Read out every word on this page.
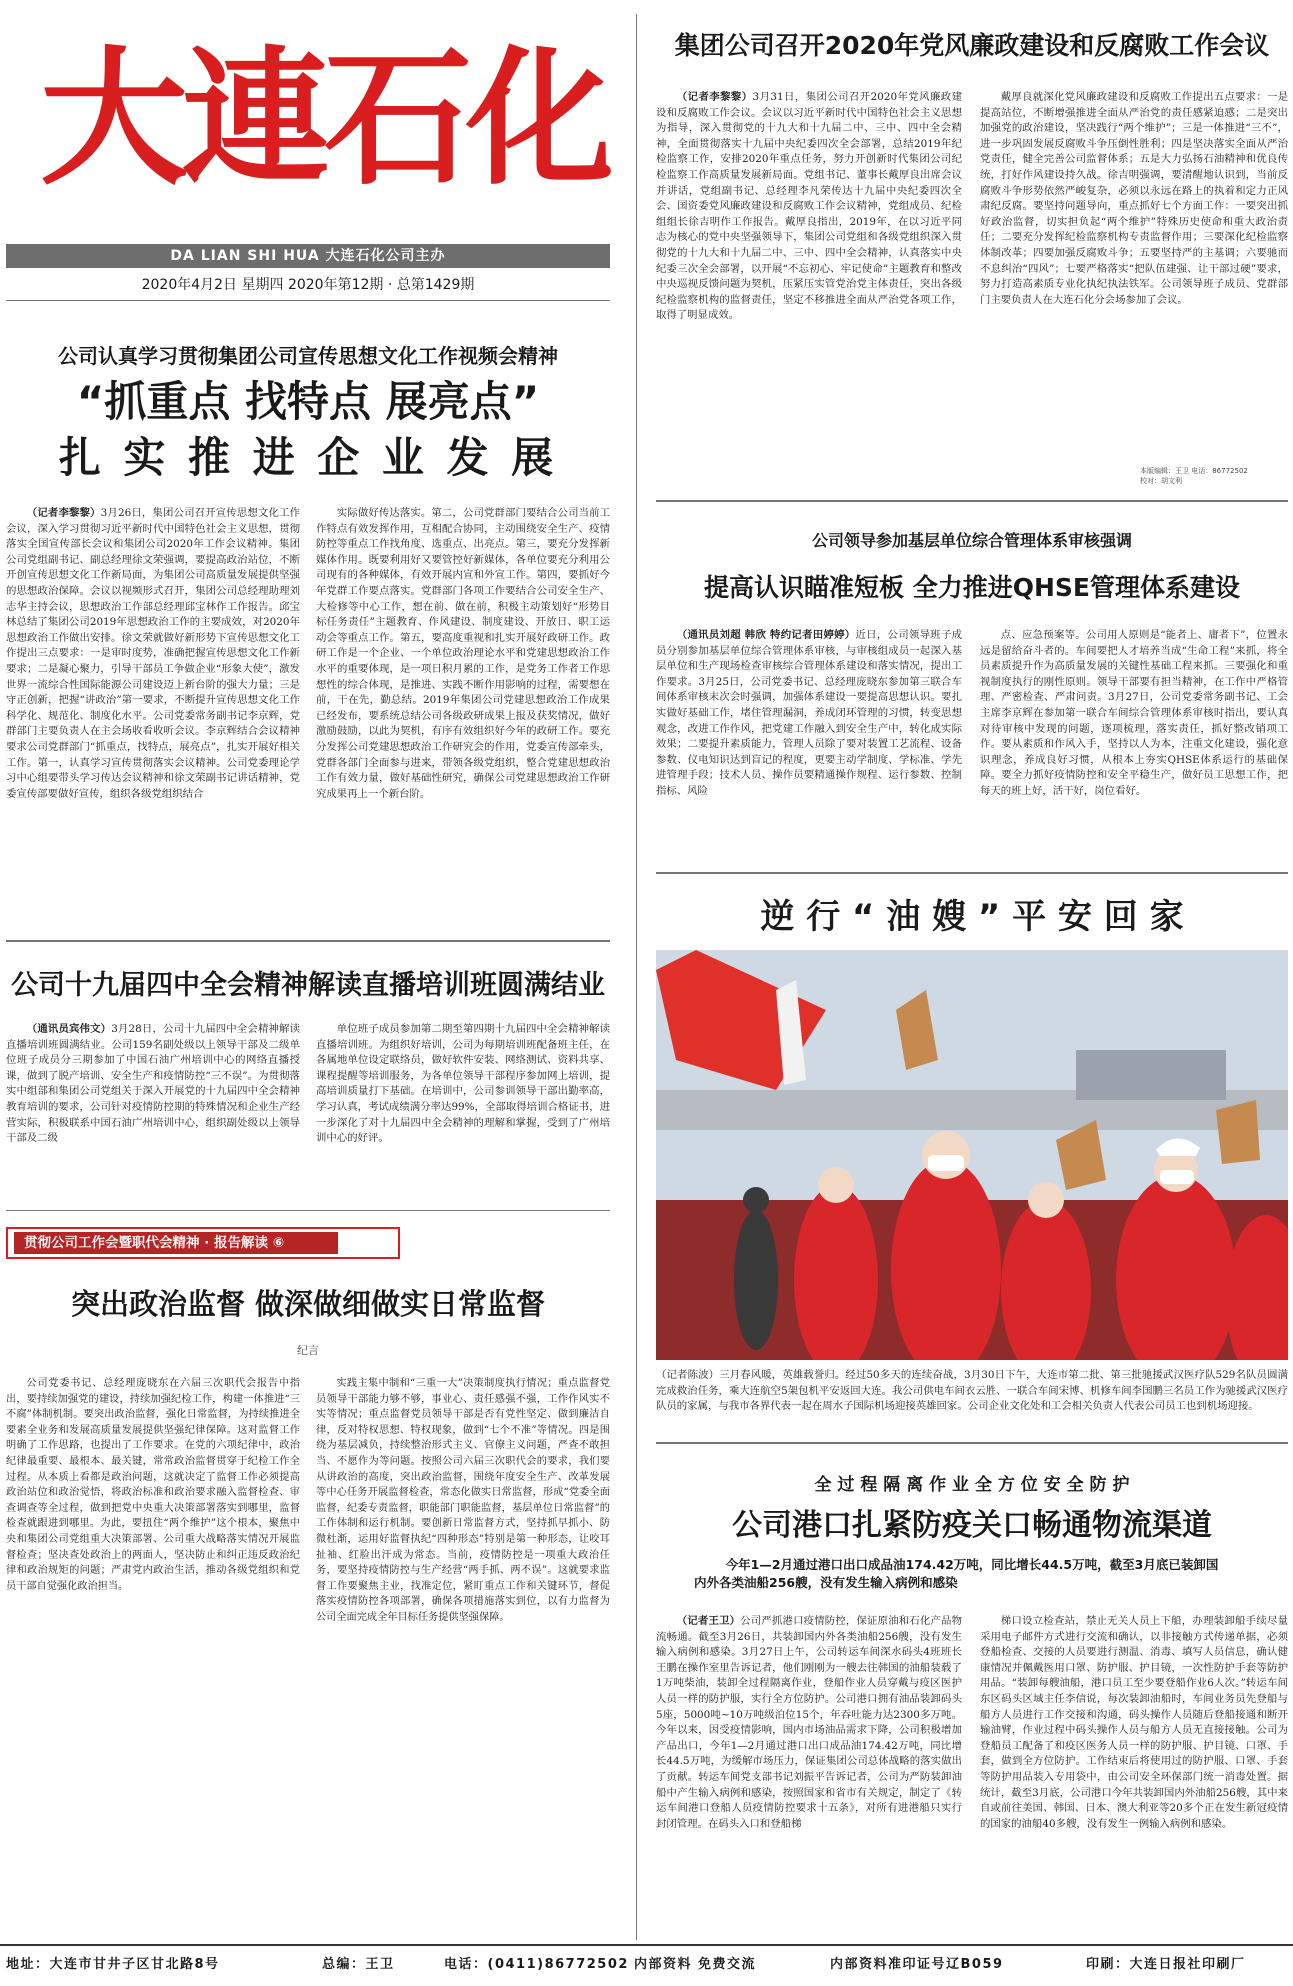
大連石化
DA LIAN SHI HUA 大连石化公司主办
2020年4月2日 星期四 2020年第12期 · 总第1429期
公司认真学习贯彻集团公司宣传思想文化工作视频会精神
“抓重点 找特点 展亮点”
扎 实 推 进 企 业 发 展

（记者李黎黎）3月26日，集团公司召开宣传思想文化工作会议，深入学习贯彻习近平新时代中国特色社会主义思想，贯彻落实全国宣传部长会议和集团公司2020年工作会议精神。集团公司党组副书记、副总经理徐文荣强调，要提高政治站位，不断开创宣传思想文化工作新局面，为集团公司高质量发展提供坚强的思想政治保障。会议以视频形式召开，集团公司总经理助理刘志华主持会议，思想政治工作部总经理邱宝林作工作报告。邱宝林总结了集团公司2019年思想政治工作的主要成效，对2020年思想政治工作做出安排。徐文荣就做好新形势下宣传思想文化工作提出三点要求：一是审时度势，准确把握宣传思想文化工作新要求；二是凝心聚力，引导干部员工争做企业“形象大使”，激发世界一流综合性国际能源公司建设迈上新台阶的强大力量；三是守正创新，把握“讲政治”第一要求，不断提升宣传思想文化工作科学化、规范化、制度化水平。公司党委常务副书记李京辉，党群部门主要负责人在主会场收看收听会议。李京辉结合会议精神要求公司党群部门“抓重点，找特点，展亮点”，扎实开展好相关工作。第一，认真学习宣传贯彻落实会议精神。公司党委理论学习中心组要带头学习传达会议精神和徐文荣副书记讲话精神，党委宣传部要做好宣传，组织各级党组织结合

实际做好传达落实。第二，公司党群部门要结合公司当前工作特点有效发挥作用，互相配合协同，主动围绕安全生产、疫情防控等重点工作找角度、选重点、出亮点。第三，要充分发挥新媒体作用。既要利用好又要管控好新媒体，各单位要充分利用公司现有的各种媒体，有效开展内宣和外宣工作。第四，要抓好今年党群工作要点落实。党群部门各项工作要结合公司安全生产、大检修等中心工作，想在前、做在前，积极主动策划好“形势目标任务责任”主题教育、作风建设、制度建设、开放日、职工运动会等重点工作。第五，要高度重视和扎实开展好政研工作。政研工作是一个企业、一个单位政治理论水平和党建思想政治工作水平的重要体现，是一项日积月累的工作，是党务工作者工作思想性的综合体现，是推进、实践不断作用影响的过程，需要想在前，干在先，勤总结。2019年集团公司党建思想政治工作成果已经发布，要系统总结公司各级政研成果上报及获奖情况，做好激励鼓励，以此为契机，有序有效组织好今年的政研工作。要充分发挥公司党建思想政治工作研究会的作用，党委宣传部牵头，党群各部门全面参与进来，带领各级党组织，整合党建思想政治工作有效力量，做好基础性研究，确保公司党建思想政治工作研究成果再上一个新台阶。

公司十九届四中全会精神解读直播培训班圆满结业

（通讯员宾伟文）3月28日，公司十九届四中全会精神解读直播培训班圆满结业。公司159名副处级以上领导干部及二级单位班子成员分三期参加了中国石油广州培训中心的网络直播授课，做到了脱产培训、安全生产和疫情防控“三不误”。为贯彻落实中组部和集团公司党组关于深入开展党的十九届四中全会精神教育培训的要求，公司针对疫情防控期的特殊情况和企业生产经营实际，积极联系中国石油广州培训中心，组织副处级以上领导干部及二级

单位班子成员参加第二期至第四期十九届四中全会精神解读直播培训班。为组织好培训，公司为每期培训班配备班主任，在各属地单位设定联络员，做好软件安装、网络测试、资料共享、课程提醒等培训服务，为各单位领导干部程序参加网上培训，提高培训质量打下基础。在培训中，公司参训领导干部出勤率高，学习认真，考试成绩满分率达99%，全部取得培训合格证书，进一步深化了对十九届四中全会精神的理解和掌握，受到了广州培训中心的好评。

贯彻公司工作会暨职代会精神 · 报告解读 ⑥
突出政治监督 做深做细做实日常监督
纪言

公司党委书记、总经理庞晓东在六届三次职代会报告中指出，要持续加强党的建设，持续加强纪检工作，构建一体推进“三不腐”体制机制。要突出政治监督，强化日常监督，为持续推进全要素全业务和发展高质量发展提供坚强纪律保障。这对监督工作明确了工作思路，也提出了工作要求。在党的六项纪律中，政治纪律最重要、最根本、最关键，常常政治监督贯穿于纪检工作全过程。从本质上看都是政治问题，这就决定了监督工作必须提高政治站位和政治觉悟，将政治标准和政治要求融入监督检查、审查调查等全过程，做到把党中央重大决策部署落实到哪里，监督检查就跟进到哪里。为此，要扭住“两个维护”这个根本，聚焦中央和集团公司党组重大决策部署、公司重大战略落实情况开展监督检查；坚决查处政治上的两面人，坚决防止和纠正违反政治纪律和政治规矩的问题；严肃党内政治生活，推动各级党组织和党员干部自觉强化政治担当。

实践主集中制和“三重一大”决策制度执行情况；重点监督党员领导干部能力够不够，事业心、责任感强不强，工作作风实不实等情况；重点监督党员领导干部是否有党性坚定、做到廉洁自律，反对特权思想、特权现象，做到“七个不准”等情况。四是围绕为基层减负，持续整治形式主义、官僚主义问题，严查不敢担当、不愿作为等问题。按照公司六届三次职代会的要求，我们要从讲政治的高度，突出政治监督，围绕年度安全生产、改革发展等中心任务开展监督检查，常态化做实日常监督，形成“党委全面监督，纪委专责监督，职能部门职能监督，基层单位日常监督”的工作体制和运行机制。要创新日常监督方式，坚持抓早抓小、防微杜渐，运用好监督执纪“四种形态”特别是第一种形态，让咬耳扯袖、红脸出汗成为常态。当前，疫情防控是一项重大政治任务，要坚持疫情防控与生产经营“两手抓、两不误”。这就要求监督工作要聚焦主业，找准定位，紧盯重点工作和关键环节，督促落实疫情防控各项部署，确保各项措施落实到位，以有力监督为公司全面完成全年目标任务提供坚强保障。

集团公司召开2020年党风廉政建设和反腐败工作会议

（记者李黎黎）3月31日，集团公司召开2020年党风廉政建设和反腐败工作会议。会议以习近平新时代中国特色社会主义思想为指导，深入贯彻党的十九大和十九届二中、三中、四中全会精神，全面贯彻落实十九届中央纪委四次全会部署，总结2019年纪检监察工作，安排2020年重点任务，努力开创新时代集团公司纪检监察工作高质量发展新局面。党组书记、董事长戴厚良出席会议并讲话，党组副书记、总经理李凡荣传达十九届中央纪委四次全会、国资委党风廉政建设和反腐败工作会议精神，党组成员、纪检组组长徐吉明作工作报告。戴厚良指出，2019年，在以习近平同志为核心的党中央坚强领导下，集团公司党组和各级党组织深入贯彻党的十九大和十九届二中、三中、四中全会精神，认真落实中央纪委三次全会部署，以开展“不忘初心、牢记使命”主题教育和整改中央巡视反馈问题为契机，压紧压实管党治党主体责任，突出各级纪检监察机构的监督责任，坚定不移推进全面从严治党各项工作，取得了明显成效。

戴厚良就深化党风廉政建设和反腐败工作提出五点要求：一是提高站位，不断增强推进全面从严治党的责任感紧迫感；二是突出加强党的政治建设，坚决践行“两个维护”；三是一体推进“三不”，进一步巩固发展反腐败斗争压倒性胜利；四是坚决落实全面从严治党责任，健全完善公司监督体系；五是大力弘扬石油精神和优良传统，打好作风建设持久战。徐吉明强调，要清醒地认识到，当前反腐败斗争形势依然严峻复杂，必须以永远在路上的执着和定力正风肃纪反腐。要坚持问题导向，重点抓好七个方面工作：一要突出抓好政治监督，切实担负起“两个维护”特殊历史使命和重大政治责任；二要充分发挥纪检监察机构专责监督作用；三要深化纪检监察体制改革；四要加强反腐败斗争；五要坚持严的主基调；六要驰而不息纠治“四风”；七要严格落实“把队伍建强、让干部过硬”要求，努力打造高素质专业化执纪执法铁军。公司领导班子成员、党群部门主要负责人在大连石化分会场参加了会议。

本版编辑：王卫 电话：86772502
校对：胡文利
公司领导参加基层单位综合管理体系审核强调
提高认识瞄准短板 全力推进QHSE管理体系建设

（通讯员刘超 韩欣 特约记者田婷婷）近日，公司领导班子成员分别参加基层单位综合管理体系审核，与审核组成员一起深入基层单位和生产现场检查审核综合管理体系建设和落实情况，提出工作要求。3月25日，公司党委书记、总经理庞晓东参加第三联合车间体系审核末次会时强调，加强体系建设一要提高思想认识。要扎实做好基础工作，堵住管理漏洞，养成闭环管理的习惯，转变思想观念，改进工作作风，把党建工作融入到安全生产中，转化成实际效果；二要提升素质能力，管理人员除了要对装置工艺流程、设备参数、仪电知识达到盲记的程度，更要主动学制度、学标准、学先进管理手段；技术人员、操作员要精通操作规程、运行参数、控制指标、风险

点、应急预案等。公司用人原则是“能者上、庸者下”，位置永远是留给奋斗者的。车间要把人才培养当成“生命工程”来抓，将全员素质提升作为高质量发展的关键性基础工程来抓。三要强化和重视制度执行的刚性原则。领导干部要有担当精神，在工作中严格管理、严密检查、严肃问责。3月27日，公司党委常务副书记、工会主席李京辉在参加第一联合车间综合管理体系审核时指出，要认真对待审核中发现的问题，逐项梳理，落实责任，抓好整改销项工作。要从素质和作风入手，坚持以人为本，注重文化建设，强化意识理念，养成良好习惯，从根本上夯实QHSE体系运行的基础保障。要全力抓好疫情防控和安全平稳生产，做好员工思想工作，把每天的班上好，活干好，岗位看好。

逆 行 “ 油 嫂 ” 平 安 回 家
（记者陈波）三月春风暖，英雄载誉归。经过50多天的连续奋战，3月30日下午，大连市第二批、第三批驰援武汉医疗队529名队员圆满完成救治任务，乘大连航空5架包机平安返回大连。我公司供电车间衣云胜、一联合车间宋博、机修车间李国鹏三名员工作为驰援武汉医疗队员的家属，与我市各界代表一起在周水子国际机场迎接英雄回家。公司企业文化处和工会相关负责人代表公司员工也到机场迎接。
全 过 程 隔 离 作 业 全 方 位 安 全 防 护
公司港口扎紧防疫关口畅通物流渠道
今年1—2月通过港口出口成品油174.42万吨，同比增长44.5万吨，截至3月底已装卸国
内外各类油船256艘，没有发生输入病例和感染

（记者王卫）公司严抓港口疫情防控，保证原油和石化产品物流畅通。截至3月26日，共装卸国内外各类油船256艘，没有发生输入病例和感染。3月27日上午，公司转运车间深水码头4班班长王鹏在操作室里告诉记者，他们刚刚为一艘去往韩国的油船装载了1万吨柴油，装卸全过程隔离作业，登船作业人员穿戴与疫区医护人员一样的防护服，实行全方位防护。公司港口拥有油品装卸码头5座，5000吨~10万吨级泊位15个，年吞吐能力达2300多万吨。今年以来，因受疫情影响，国内市场油品需求下降，公司积极增加产品出口，今年1—2月通过港口出口成品油174.42万吨，同比增长44.5万吨，为缓解市场压力，保证集团公司总体战略的落实做出了贡献。转运车间党支部书记刘振平告诉记者，公司为严防装卸油船中产生输入病例和感染，按照国家和省市有关规定，制定了《转运车间港口登船人员疫情防控要求十五条》，对所有进港船只实行封闭管理。在码头入口和登船梯

梯口设立检查站，禁止无关人员上下船，办理装卸船手续尽量采用电子邮件方式进行交流和确认，以非接触方式传递单据，必须登船检查、交接的人员要进行测温、消毒、填写人员信息，确认健康情况并佩戴医用口罩、防护服、护目镜，一次性防护手套等防护用品。“装卸每艘油船，港口员工至少要登船作业6人次。”转运车间东区码头区域主任李信说，每次装卸油船时，车间业务员先登船与船方人员进行工作交接和沟通，码头操作人员随后登船接通和断开输油臂，作业过程中码头操作人员与船方人员无直接接触。公司为登船员工配备了和疫区医务人员一样的防护服、护目镜、口罩、手套，做到全方位防护。工作结束后将使用过的防护服、口罩、手套等防护用品装入专用袋中，由公司安全环保部门统一消毒处置。据统计，截至3月底，公司港口今年共装卸国内外油船256艘，其中来自或前往美国、韩国、日本、澳大利亚等20多个正在发生新冠疫情的国家的油船40多艘，没有发生一例输入病例和感染。

地址：大连市甘井子区甘北路8号	总编：王卫	电话：(0411)86772502 内部资料 免费交流	内部资料准印证号辽B059	印刷：大连日报社印刷厂
